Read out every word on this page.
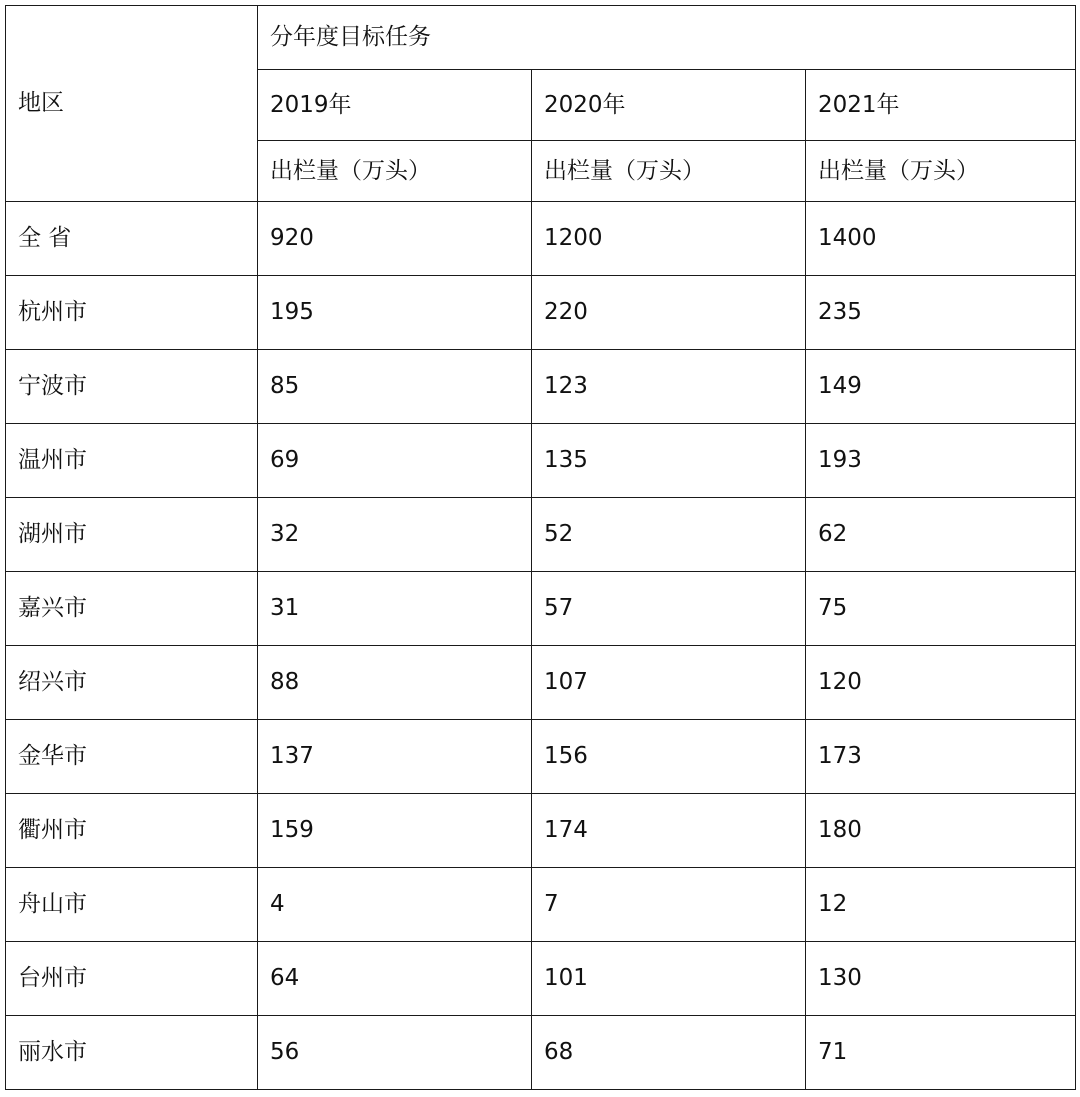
地区	分年度目标任务		
	2019年	2020年	2021年
	出栏量（万头）	出栏量（万头）	出栏量（万头）
全 省	920	1200	1400
杭州市	195	220	235
宁波市	85	123	149
温州市	69	135	193
湖州市	32	52	62
嘉兴市	31	57	75
绍兴市	88	107	120
金华市	137	156	173
衢州市	159	174	180
舟山市	4	7	12
台州市	64	101	130
丽水市	56	68	71
